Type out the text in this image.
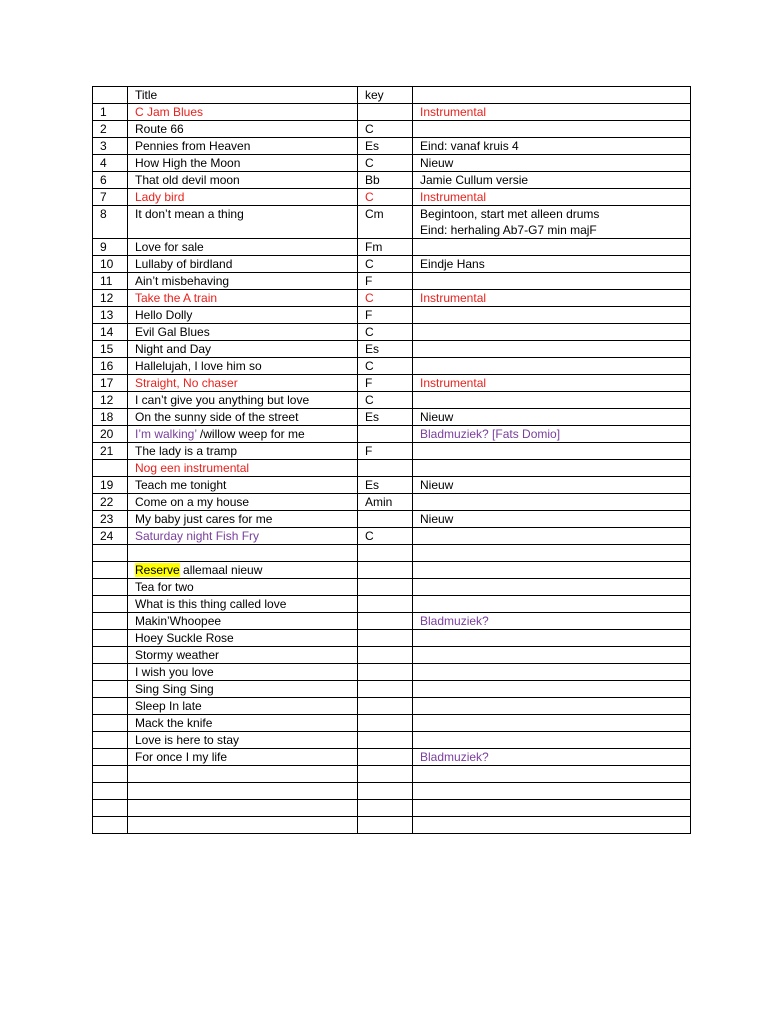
	Title	key	
1	C Jam Blues		Instrumental

2	Route 66	C	
3	Pennies from Heaven	Es	Eind: vanaf kruis 4

4	How High the Moon	C	Nieuw

6	That old devil moon	Bb	Jamie Cullum versie

7	Lady bird	C	Instrumental

8	It don’t mean a thing	Cm	Begintoon, start met alleen drums
Eind: herhaling Ab7-G7 min majF

9	Love for sale	Fm	
10	Lullaby of birdland	C	Eindje Hans

11	Ain’t misbehaving	F	
12	Take the A train	C	Instrumental

13	Hello Dolly	F	
14	Evil Gal Blues	C	
15	Night and Day	Es	
16	Hallelujah, I love him so	C	
17	Straight, No chaser	F	Instrumental

12	I can’t give you anything but love	C	
18	On the sunny side of the street	Es	Nieuw

20	I’m walking’ /willow weep for me		Bladmuziek? [Fats Domio]

21	The lady is a tramp	F	
	Nog een instrumental		
19	Teach me tonight	Es	Nieuw

22	Come on a my house	Amin	
23	My baby just cares for me		Nieuw

24	Saturday night Fish Fry	C	

	Reserve allemaal nieuw		
	Tea for two		
	What is this thing called love		
	Makin’Whoopee		Bladmuziek?

	Hoey Suckle Rose		
	Stormy weather		
	I wish you love		
	Sing Sing Sing		
	Sleep In late		
	Mack the knife		
	Love is here to stay		
	For once I my life		Bladmuziek?
